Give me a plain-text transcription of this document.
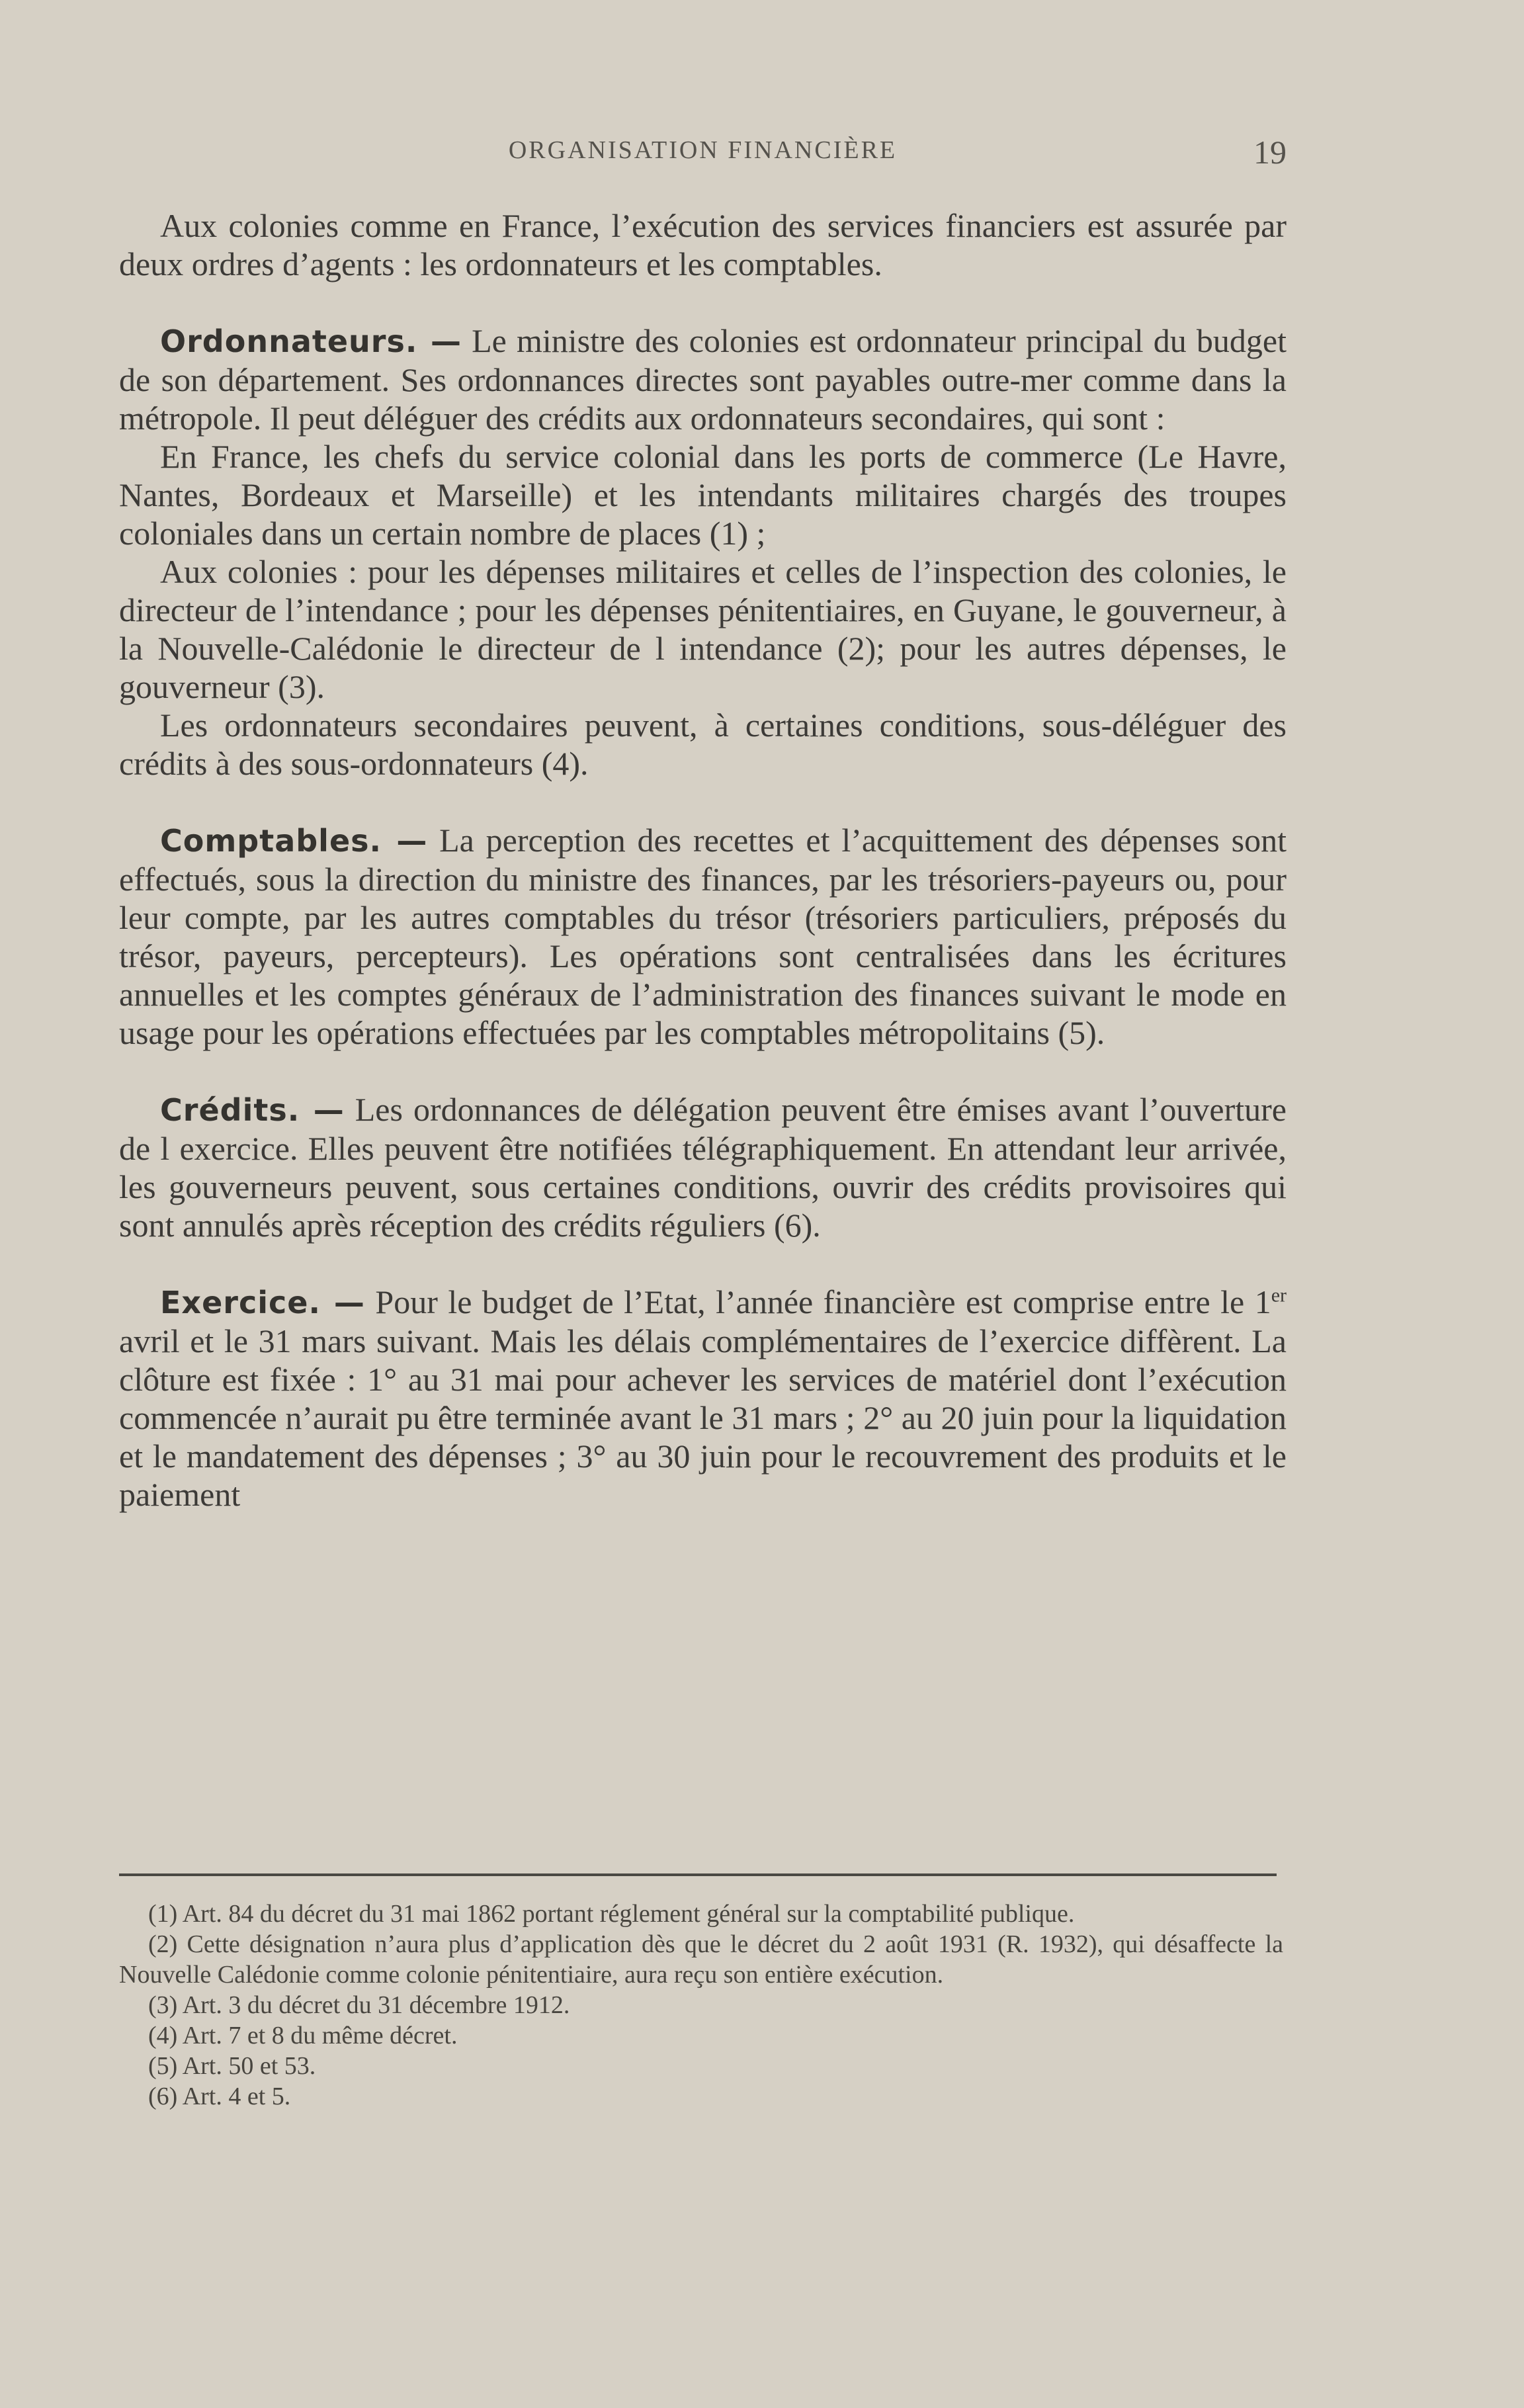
ORGANISATION FINANCIÈRE	19

Aux colonies comme en France, l’exécution des services financiers est assurée par deux ordres d’agents : les ordonnateurs et les comptables.

Ordonnateurs. — Le ministre des colonies est ordonnateur principal du budget de son département. Ses ordonnances directes sont payables outre-mer comme dans la métropole. Il peut déléguer des crédits aux ordonnateurs secondaires, qui sont :

En France, les chefs du service colonial dans les ports de commerce (Le Havre, Nantes, Bordeaux et Marseille) et les intendants militaires chargés des troupes coloniales dans un certain nombre de places (1) ;

Aux colonies : pour les dépenses militaires et celles de l’inspection des colonies, le directeur de l’intendance ; pour les dépenses pénitentiaires, en Guyane, le gouverneur, à la Nouvelle-Calédonie le directeur de l intendance (2); pour les autres dépenses, le gouverneur (3).

Les ordonnateurs secondaires peuvent, à certaines conditions, sous-déléguer des crédits à des sous-ordonnateurs (4).

Comptables. — La perception des recettes et l’acquittement des dépenses sont effectués, sous la direction du ministre des finances, par les trésoriers-payeurs ou, pour leur compte, par les autres comptables du trésor (trésoriers particuliers, préposés du trésor, payeurs, percepteurs). Les opérations sont centralisées dans les écritures annuelles et les comptes généraux de l’administration des finances suivant le mode en usage pour les opérations effectuées par les comptables métropolitains (5).

Crédits. — Les ordonnances de délégation peuvent être émises avant l’ouverture de l exercice. Elles peuvent être notifiées télégraphiquement. En attendant leur arrivée, les gouverneurs peuvent, sous certaines conditions, ouvrir des crédits provisoires qui sont annulés après réception des crédits réguliers (6).

Exercice. — Pour le budget de l’Etat, l’année financière est comprise entre le 1er avril et le 31 mars suivant. Mais les délais complémentaires de l’exercice diffèrent. La clôture est fixée : 1° au 31 mai pour achever les services de matériel dont l’exécution commencée n’aurait pu être terminée avant le 31 mars ; 2° au 20 juin pour la liquidation et le mandatement des dépenses ; 3° au 30 juin pour le recouvrement des produits et le paiement

(1) Art. 84 du décret du 31 mai 1862 portant réglement général sur la comptabilité publique.

(2) Cette désignation n’aura plus d’application dès que le décret du 2 août 1931 (R. 1932), qui désaffecte la Nouvelle Calédonie comme colonie pénitentiaire, aura reçu son entière exécution.

(3) Art. 3 du décret du 31 décembre 1912.

(4) Art. 7 et 8 du même décret.

(5) Art. 50 et 53.

(6) Art. 4 et 5.
